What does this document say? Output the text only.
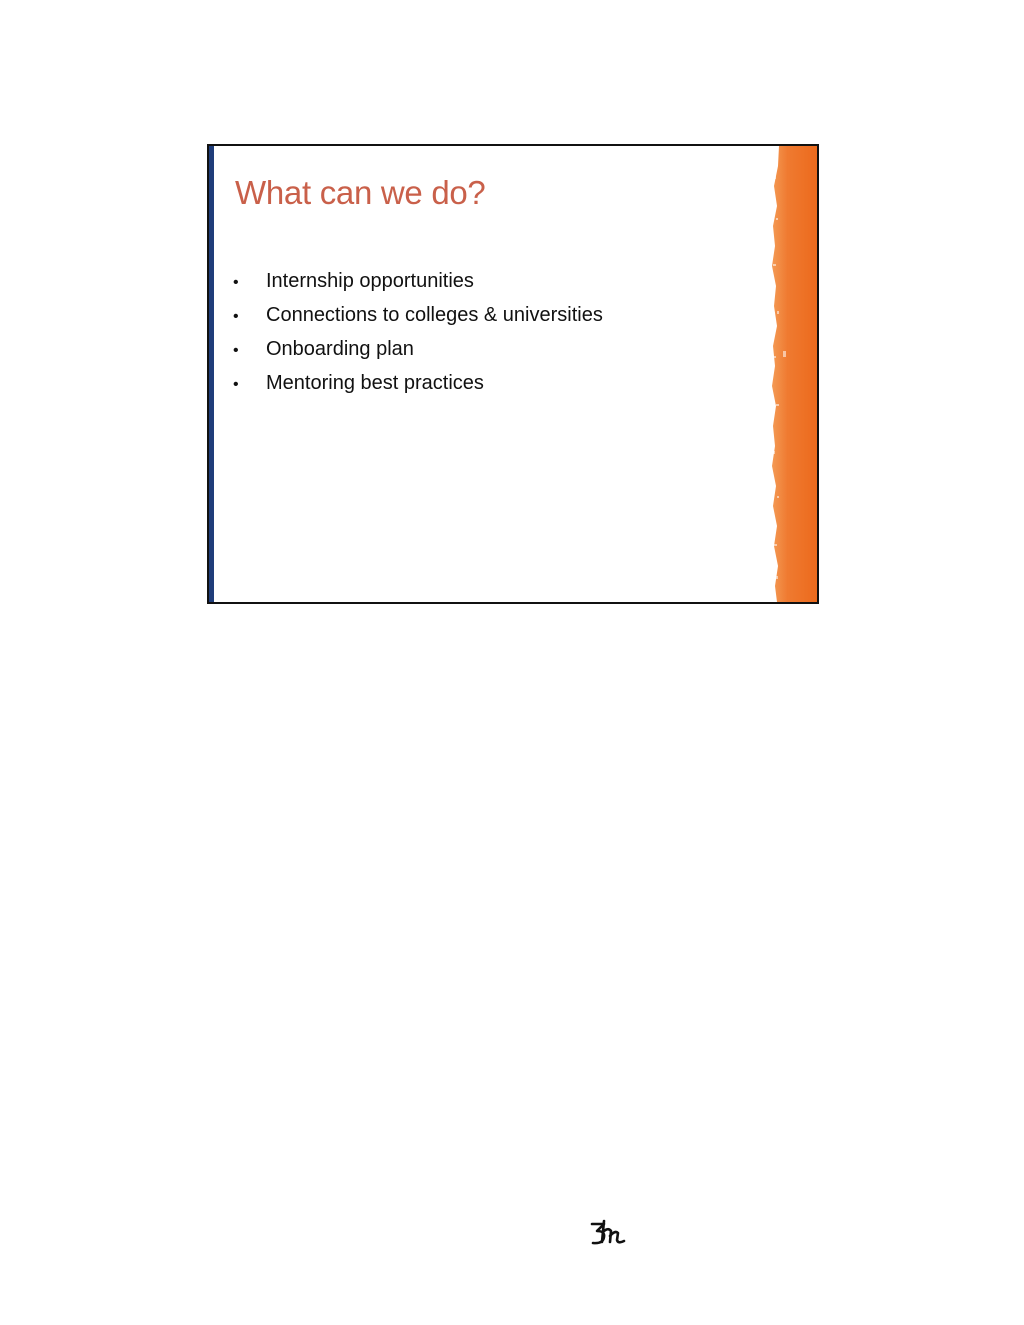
What can we do?
•	Internship opportunities
•	Connections to colleges & universities
•	Onboarding plan
•	Mentoring best practices
